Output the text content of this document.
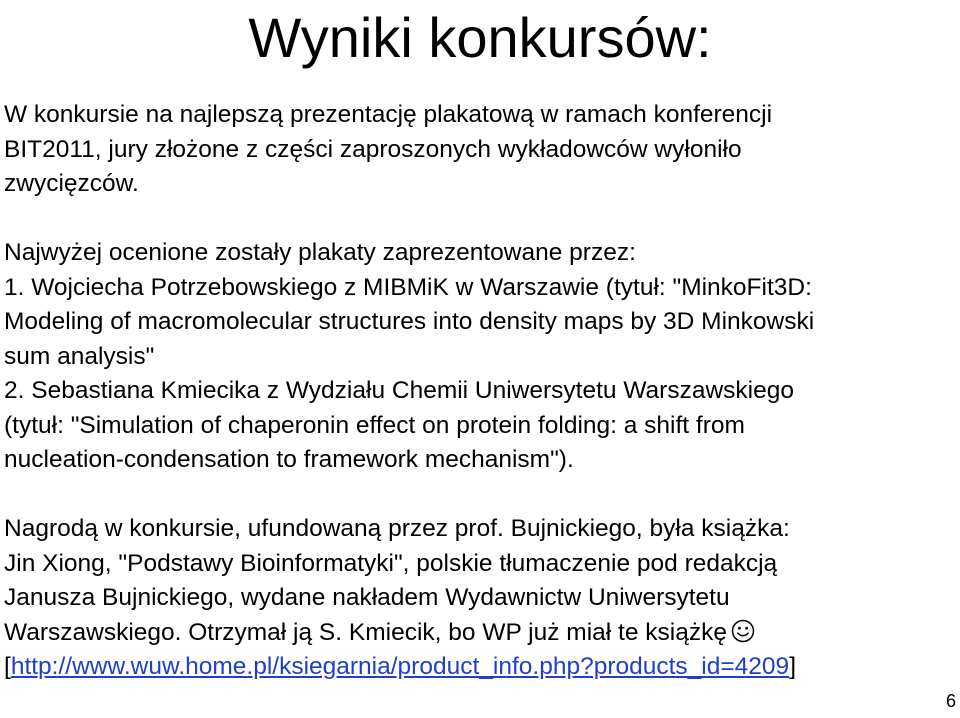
Wyniki konkursów:
W konkursie na najlepszą prezentację plakatową w ramach konferencji
BIT2011, jury złożone z części zaproszonych wykładowców wyłoniło
zwycięzców.
Najwyżej ocenione zostały plakaty zaprezentowane przez:
1. Wojciecha Potrzebowskiego z MIBMiK w Warszawie (tytuł: "MinkoFit3D:
Modeling of macromolecular structures into density maps by 3D Minkowski
sum analysis"
2. Sebastiana Kmiecika z Wydziału Chemii Uniwersytetu Warszawskiego
(tytuł: "Simulation of chaperonin effect on protein folding: a shift from
nucleation-condensation to framework mechanism").
Nagrodą w konkursie, ufundowaną przez prof. Bujnickiego, była książka:
Jin Xiong, "Podstawy Bioinformatyki", polskie tłumaczenie pod redakcją
Janusza Bujnickiego, wydane nakładem Wydawnictw Uniwersytetu
Warszawskiego. Otrzymał ją S. Kmiecik, bo WP już miał te książkę
[http://www.wuw.home.pl/ksiegarnia/product_info.php?products_id=4209]
6
